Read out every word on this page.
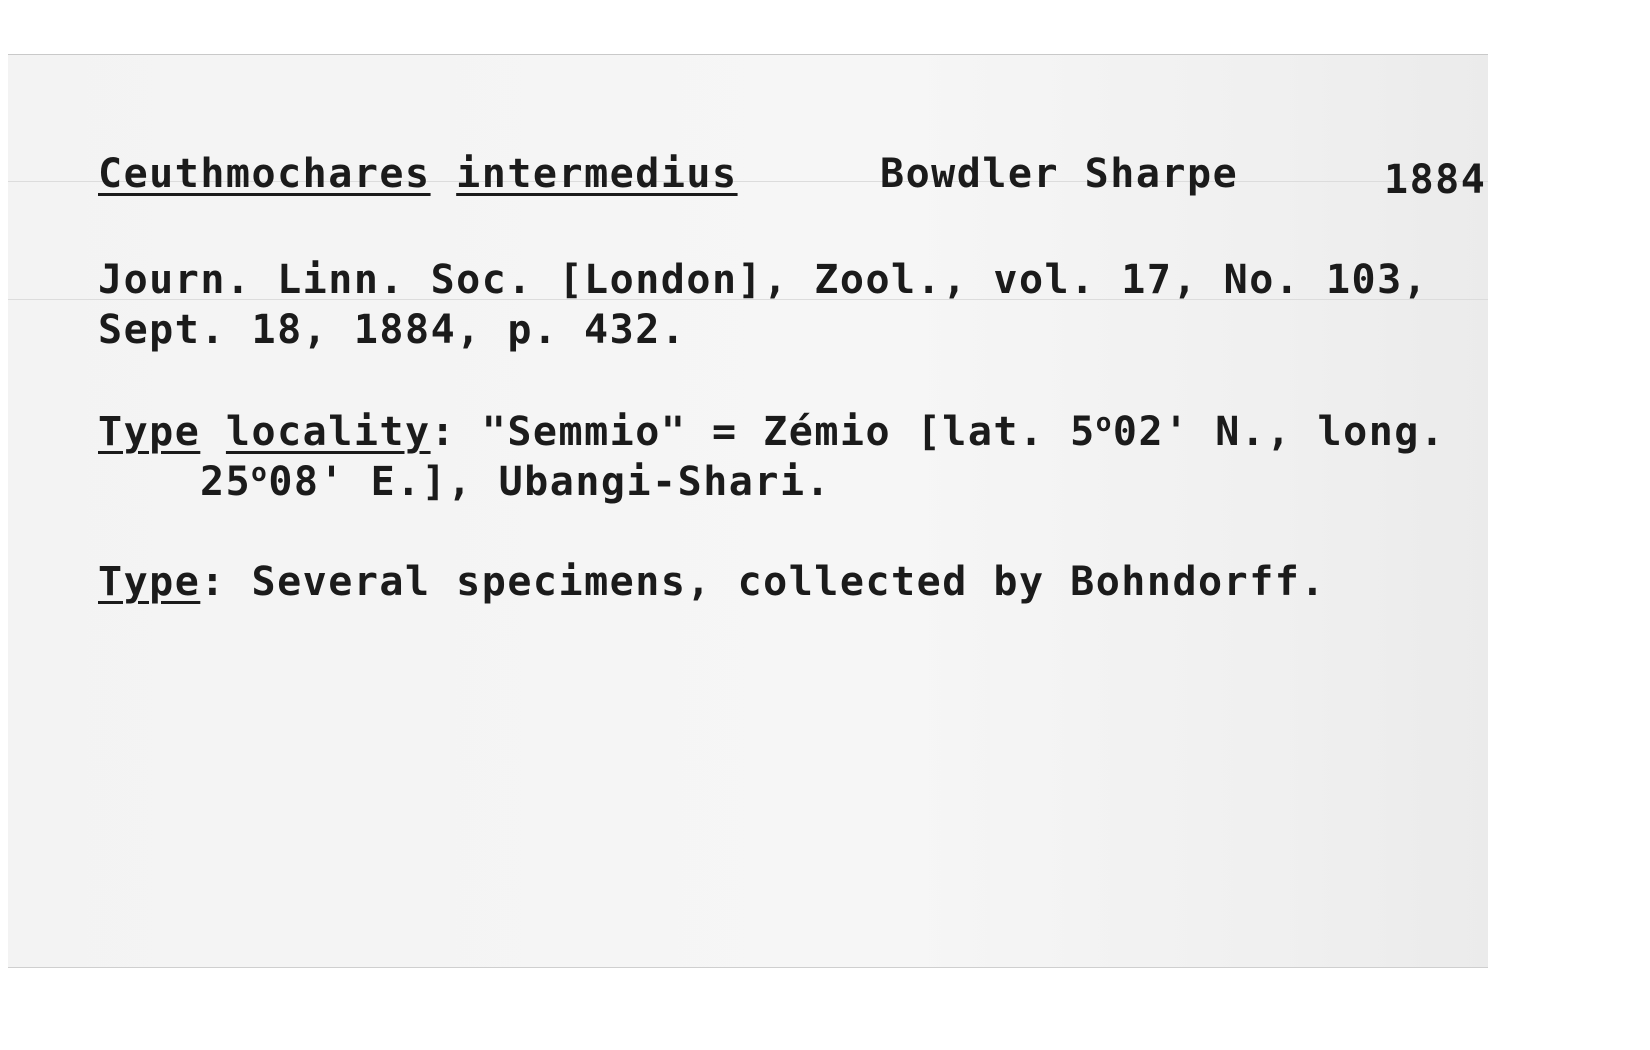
Ceuthmochares intermedius	Bowdler Sharpe	1884
Journ. Linn. Soc. [London], Zool., vol. 17, No. 103,
Sept. 18, 1884, p. 432.
Type locality: "Semmio" = Zémio [lat. 5$^o$02' N., long.
25$^o$08' E.], Ubangi-Shari.
Type: Several specimens, collected by Bohndorff.
